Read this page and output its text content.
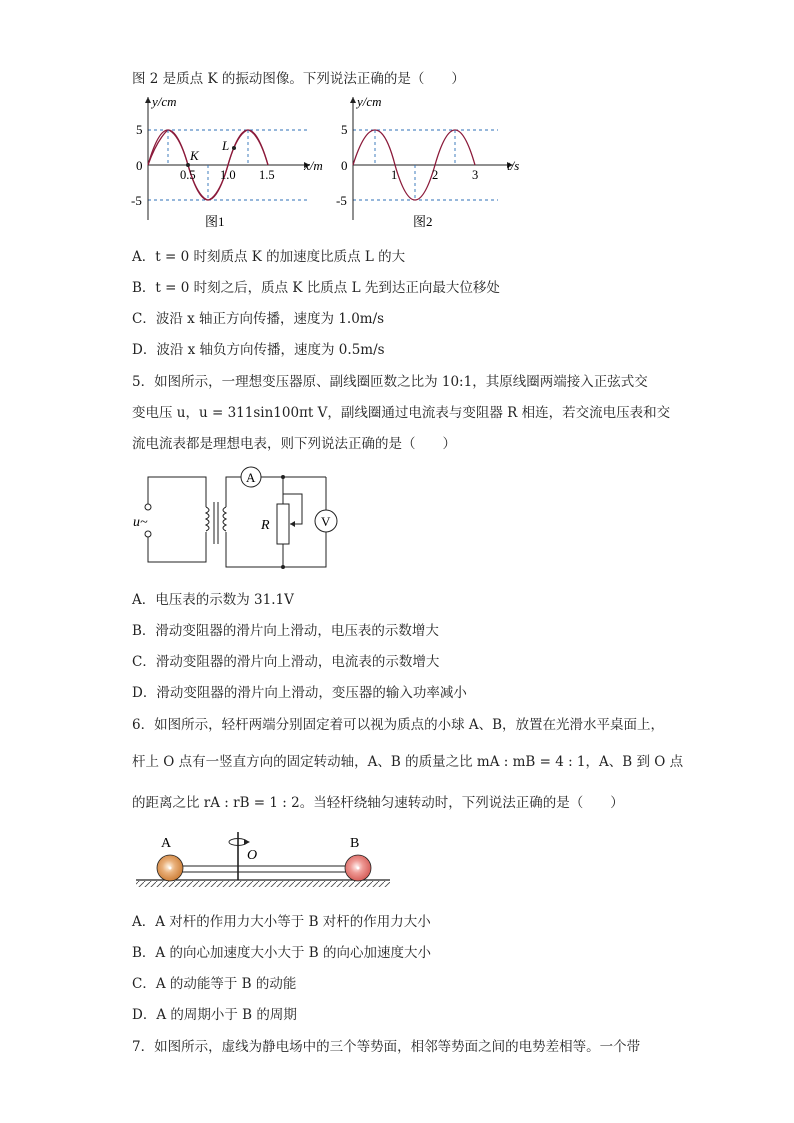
图 2 是质点 K 的振动图像。下列说法正确的是（　　）
y/cm
x/m
5
0
-5
0.5 1.0 1.5
K
L
图1
y/cm
t/s
5
0
-5
1	2	3
图2
A．t = 0 时刻质点 K 的加速度比质点 L 的大
B．t = 0 时刻之后，质点 K 比质点 L 先到达正向最大位移处
C．波沿 x 轴正方向传播，速度为 1.0m/s
D．波沿 x 轴负方向传播，速度为 0.5m/s
5．如图所示，一理想变压器原、副线圈匝数之比为 10:1，其原线圈两端接入正弦式交
变电压 u，u = 311sin100πt V，副线圈通过电流表与变阻器 R 相连，若交流电压表和交
流电流表都是理想电表，则下列说法正确的是（　　）
u~
A
V
R
A．电压表的示数为 31.1V
B．滑动变阻器的滑片向上滑动，电压表的示数增大
C．滑动变阻器的滑片向上滑动，电流表的示数增大
D．滑动变阻器的滑片向上滑动，变压器的输入功率减小
6．如图所示，轻杆两端分别固定着可以视为质点的小球 A、B，放置在光滑水平桌面上，
杆上 O 点有一竖直方向的固定转动轴，A、B 的质量之比 mA : mB = 4 : 1，A、B 到 O 点
的距离之比 rA : rB = 1 : 2。当轻杆绕轴匀速转动时，下列说法正确的是（　　）
A	B
O
A．A 对杆的作用力大小等于 B 对杆的作用力大小
B．A 的向心加速度大小大于 B 的向心加速度大小
C．A 的动能等于 B 的动能
D．A 的周期小于 B 的周期
7．如图所示，虚线为静电场中的三个等势面，相邻等势面之间的电势差相等。一个带
